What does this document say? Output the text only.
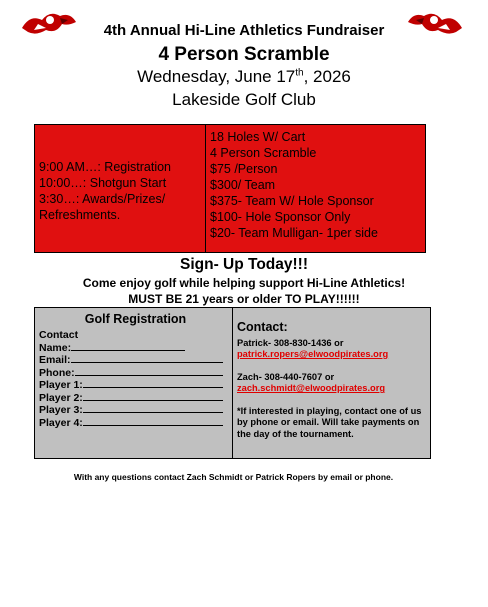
4th Annual Hi-Line Athletics Fundraiser
4 Person Scramble
Wednesday, June 17th, 2026
Lakeside Golf Club
9:00 AM…: Registration
10:00…: Shotgun Start
3:30…: Awards/Prizes/
Refreshments.
18 Holes W/ Cart
4 Person Scramble
$75 /Person
$300/ Team
$375- Team W/ Hole Sponsor
$100- Hole Sponsor Only
$20- Team Mulligan- 1per side
Sign- Up Today!!!
Come enjoy golf while helping support Hi-Line Athletics!
MUST BE 21 years or older TO PLAY!!!!!!
Golf Registration
Contact
Name:
Email:
Phone:
Player 1:
Player 2:
Player 3:
Player 4:
Contact:
Patrick- 308-830-1436 or
patrick.ropers@elwoodpirates.org
Zach- 308-440-7607 or
zach.schmidt@elwoodpirates.org
*If interested in playing, contact one of us by phone or email. Will take payments on the day of the tournament.
With any questions contact Zach Schmidt or Patrick Ropers by email or phone.
